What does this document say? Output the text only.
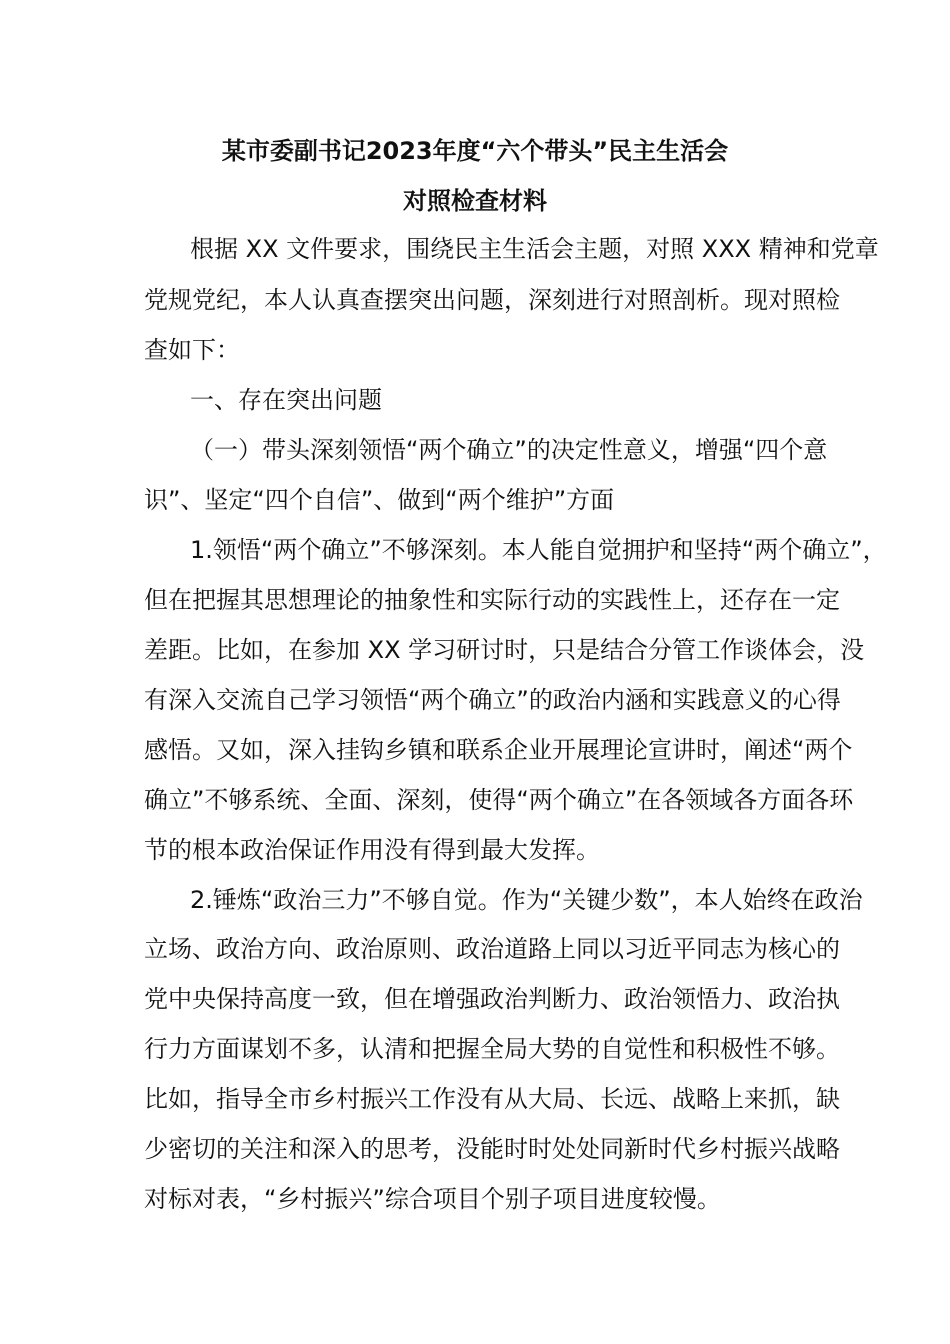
某市委副书记2023年度“六个带头”民主生活会
对照检查材料
根据 XX 文件要求，围绕民主生活会主题，对照 XXX 精神和党章
党规党纪，本人认真查摆突出问题，深刻进行对照剖析。现对照检
查如下：
一、存在突出问题
（一）带头深刻领悟“两个确立”的决定性意义，增强“四个意
识”、坚定“四个自信”、做到“两个维护”方面
1.领悟“两个确立”不够深刻。本人能自觉拥护和坚持“两个确立”，
但在把握其思想理论的抽象性和实际行动的实践性上，还存在一定
差距。比如，在参加 XX 学习研讨时，只是结合分管工作谈体会，没
有深入交流自己学习领悟“两个确立”的政治内涵和实践意义的心得
感悟。又如，深入挂钩乡镇和联系企业开展理论宣讲时，阐述“两个
确立”不够系统、全面、深刻，使得“两个确立”在各领域各方面各环
节的根本政治保证作用没有得到最大发挥。
2.锤炼“政治三力”不够自觉。作为“关键少数”，本人始终在政治
立场、政治方向、政治原则、政治道路上同以习近平同志为核心的
党中央保持高度一致，但在增强政治判断力、政治领悟力、政治执
行力方面谋划不多，认清和把握全局大势的自觉性和积极性不够。
比如，指导全市乡村振兴工作没有从大局、长远、战略上来抓，缺
少密切的关注和深入的思考，没能时时处处同新时代乡村振兴战略
对标对表，“乡村振兴”综合项目个别子项目进度较慢。
